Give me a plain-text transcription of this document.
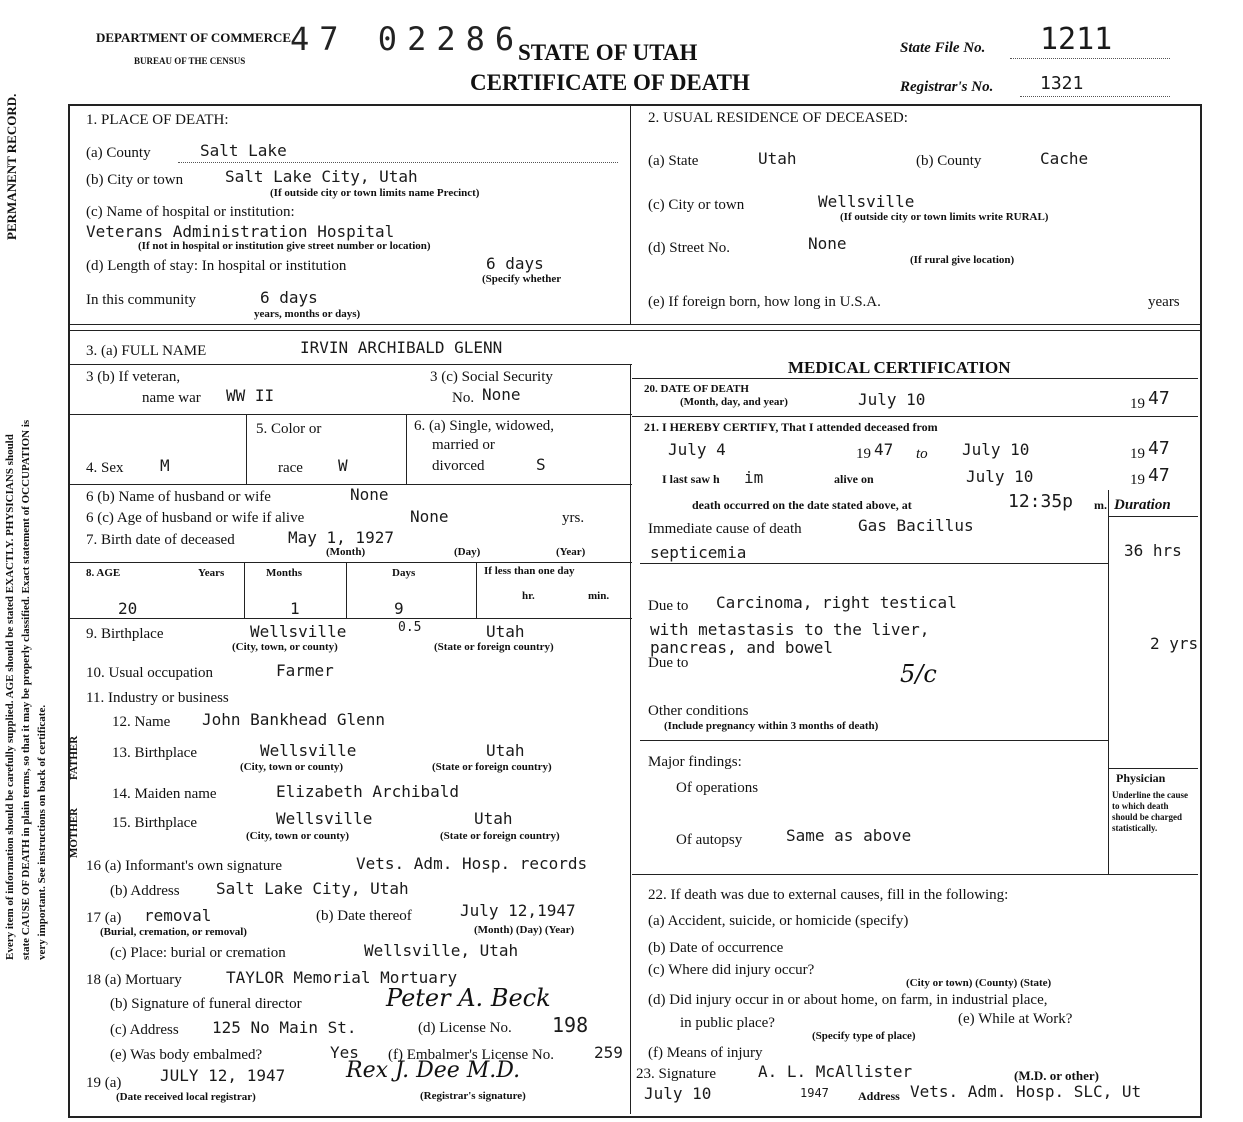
Every item of information should be carefully supplied. AGE should be stated EXACTLY. PHYSICIANS should state CAUSE OF DEATH in plain terms, so that it may be properly classified. Exact statement of OCCUPATION is very important. See instructions on back of certificate.
PERMANENT RECORD.
DEPARTMENT OF COMMERCE
BUREAU OF THE CENSUS
47 02286
STATE OF UTAH
CERTIFICATE OF DEATH
State File No. 1211
Registrar's No.	1321
1. PLACE OF DEATH:
(a) County	Salt Lake
(b) City or town	Salt Lake City, Utah
(If outside city or town limits name Precinct)
(c) Name of hospital or institution:
Veterans Administration Hospital
(If not in hospital or institution give street number or location)
(d) Length of stay: In hospital or institution	6 days
(Specify whether
In this community	6 days
years, months or days)
2. USUAL RESIDENCE OF DECEASED:
(a) State	Utah	(b) County	Cache
(c) City or town	Wellsville
(If outside city or town limits write RURAL)
(d) Street No.	None
(If rural give location)
(e) If foreign born, how long in U.S.A.	years
3. (a) FULL NAME	IRVIN ARCHIBALD GLENN
3 (b) If veteran,
name war WW II
3 (c) Social Security
No. None
4. Sex M
5. Color or
race W
6. (a) Single, widowed,
married or
divorced	S
6 (b) Name of husband or wife	None
6 (c) Age of husband or wife if alive	None	yrs.
7. Birth date of deceased	May 1, 1927
(Month)	(Day)	(Year)
8. AGE	Years	Months	Days	If less than one day
hr.	min.
20	1	9
9. Birthplace	Wellsville	0.5	Utah
(City, town, or county)	(State or foreign country)
10. Usual occupation	Farmer
11. Industry or business
FATHER
MOTHER
12. Name John Bankhead Glenn
13. Birthplace	Wellsville	Utah
(City, town or county)	(State or foreign country)
14. Maiden name	Elizabeth Archibald
15. Birthplace	Wellsville	Utah
(City, town or county)	(State or foreign country)
16 (a) Informant's own signature	Vets. Adm. Hosp. records
(b) Address Salt Lake City, Utah
17 (a) removal
(Burial, cremation, or removal)
(b) Date thereof	July 12,1947
(Month) (Day) (Year)
(c) Place: burial or cremation	Wellsville, Utah
18 (a) Mortuary	TAYLOR Memorial Mortuary
(b) Signature of funeral director	Peter A. Beck
(c) Address 125 No Main St.	(d) License No. 198
(e) Was body embalmed?	Yes (f) Embalmer's License No.	259
19 (a) JULY 12, 1947
(Date received local registrar)
Rex J. Dee M.D.
(Registrar's signature)
MEDICAL CERTIFICATION
20. DATE OF DEATH
(Month, day, and year)	July 10	19 47
21. I HEREBY CERTIFY, That I attended deceased from
July 4	19 47 to July 10	19 47
I last saw h im	alive on	July 10	19 47
death occurred on the date stated above, at	12:35p m. Duration
Immediate cause of death	Gas Bacillus
septicemia	36 hrs
Due to Carcinoma, right testical
with metastasis to the liver,
pancreas, and bowel	2 yrs
Due to	5/c
Other conditions
(Include pregnancy within 3 months of death)
Major findings:
Of operations
Of autopsy	Same as above
Physician
Underline the cause to which death should be charged statistically.
22. If death was due to external causes, fill in the following:
(a) Accident, suicide, or homicide (specify)
(b) Date of occurrence
(c) Where did injury occur?
(City or town) (County) (State)
(d) Did injury occur in or about home, on farm, in industrial place,
in public place?
(Specify type of place)
(e) While at Work?
(f) Means of injury
23. Signature	A. L. McAllister	(M.D. or other)
July 10	1947 Address Vets. Adm. Hosp. SLC, Ut
